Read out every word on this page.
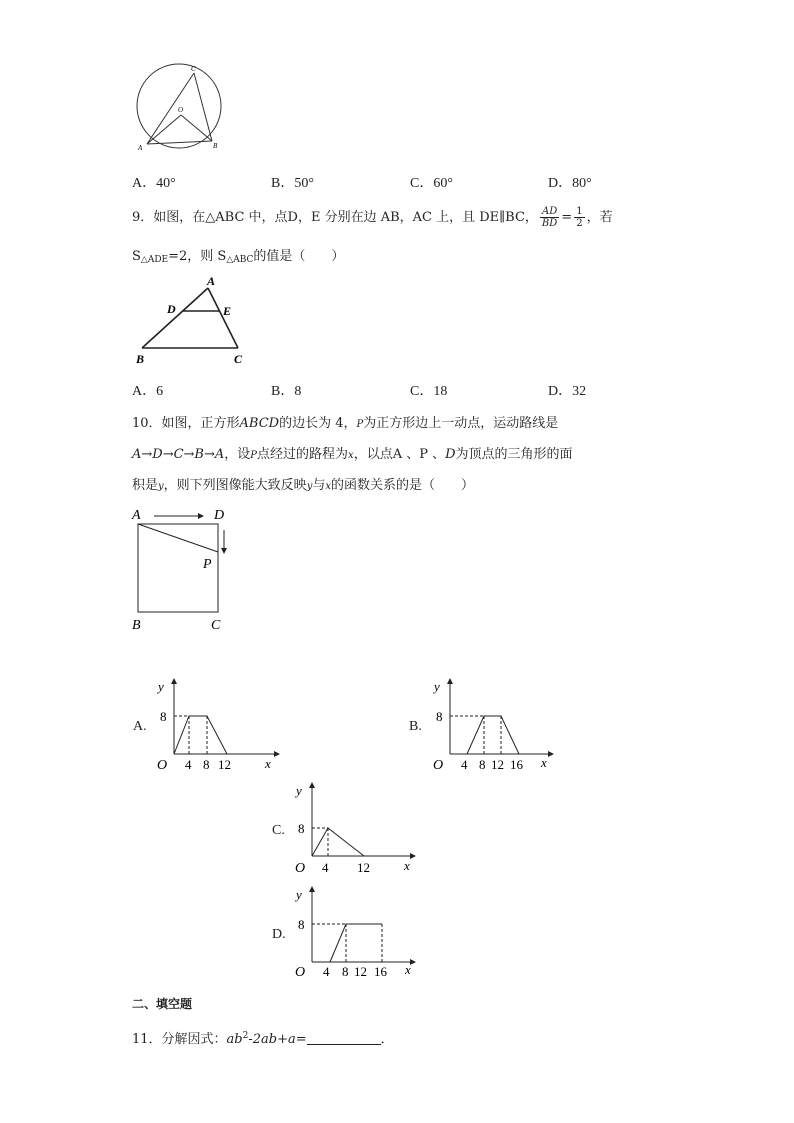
C
O
A	B
A．40°	B．50°	C．60°	D．80°
9．如图，在△ABC 中，点D，E 分别在边 AB，AC 上，且 DE∥BC， $\frac{AD}{BD} = \frac{1}{2}$ ，若
$S_{\triangle ADE}=2$，则 $S_{\triangle ABC}$的值是（　　）
A
D	E
B	C
A．6	B．8	C．18	D．32
10．如图，正方形ABCD的边长为 4，P为正方形边上一动点，运动路线是
A→D→C→B→A，设P点经过的路程为x，以点A 、P 、D为顶点的三角形的面
积是y，则下列图像能大致反映y与x的函数关系的是（　　）
A	D
P
B	C
A.
y
x
O
8
4 8 12
B.
y
x
O
8
4 8 12 16
C.
y
x
O
8
4 12
D.
y
x
O
8
4 8 12 16
二、填空题
11．分解因式：$ab^2-2ab+a=$	．
